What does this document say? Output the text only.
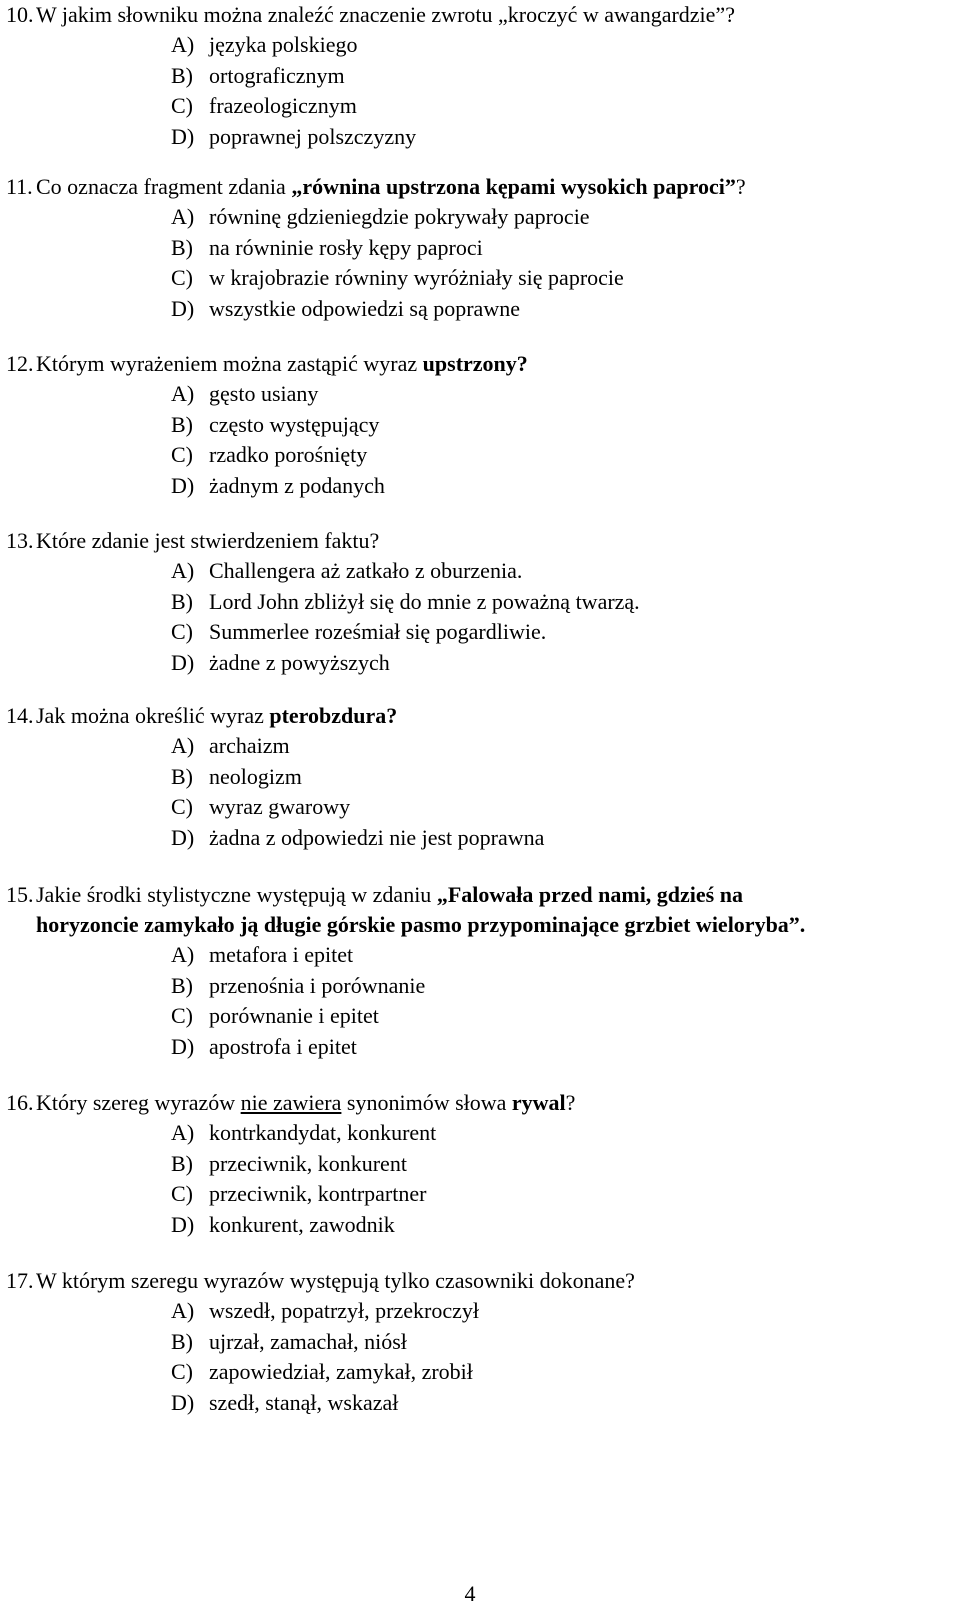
10. W jakim słowniku można znaleźć znaczenie zwrotu „kroczyć w awangardzie”?
A) języka polskiego
B) ortograficznym
C) frazeologicznym
D) poprawnej polszczyzny
11. Co oznacza fragment zdania „równina upstrzona kępami wysokich paproci”?
A) równinę gdzieniegdzie pokrywały paprocie
B) na równinie rosły kępy paproci
C) w krajobrazie równiny wyróżniały się paprocie
D) wszystkie odpowiedzi są poprawne
12. Którym wyrażeniem można zastąpić wyraz upstrzony?
A) gęsto usiany
B) często występujący
C) rzadko porośnięty
D) żadnym z podanych
13. Które zdanie jest stwierdzeniem faktu?
A) Challengera aż zatkało z oburzenia.
B) Lord John zbliżył się do mnie z poważną twarzą.
C) Summerlee roześmiał się pogardliwie.
D) żadne z powyższych
14. Jak można określić wyraz pterobzdura?
A) archaizm
B) neologizm
C) wyraz gwarowy
D) żadna z odpowiedzi nie jest poprawna
15. Jakie środki stylistyczne występują w zdaniu „Falowała przed nami, gdzieś na
horyzoncie zamykało ją długie górskie pasmo przypominające grzbiet wieloryba”.
A) metafora i epitet
B) przenośnia i porównanie
C) porównanie i epitet
D) apostrofa i epitet
16. Który szereg wyrazów nie zawiera synonimów słowa rywal?
A) kontrkandydat, konkurent
B) przeciwnik, konkurent
C) przeciwnik, kontrpartner
D) konkurent, zawodnik
17. W którym szeregu wyrazów występują tylko czasowniki dokonane?
A) wszedł, popatrzył, przekroczył
B) ujrzał, zamachał, niósł
C) zapowiedział, zamykał, zrobił
D) szedł, stanął, wskazał
4
